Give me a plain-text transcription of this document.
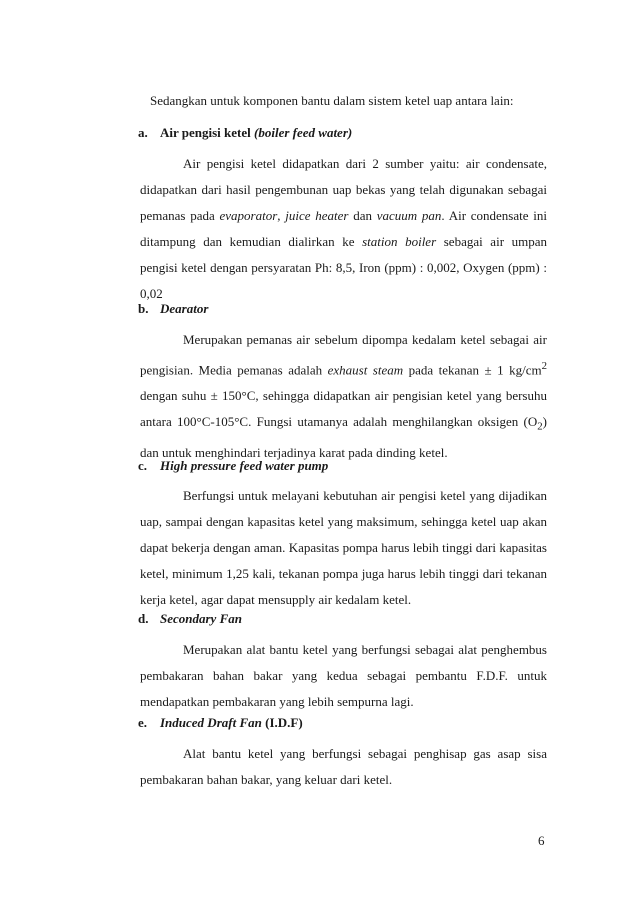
Sedangkan untuk komponen bantu dalam sistem ketel uap antara lain:
a. Air pengisi ketel (boiler feed water)
Air pengisi ketel didapatkan dari 2 sumber yaitu: air condensate, didapatkan dari hasil pengembunan uap bekas yang telah digunakan sebagai pemanas pada evaporator, juice heater dan vacuum pan. Air condensate ini ditampung dan kemudian dialirkan ke station boiler sebagai air umpan pengisi ketel dengan persyaratan Ph: 8,5, Iron (ppm) : 0,002, Oxygen (ppm) : 0,02
b. Dearator
Merupakan pemanas air sebelum dipompa kedalam ketel sebagai air pengisian. Media pemanas adalah exhaust steam pada tekanan ± 1 $kg/cm^2$ dengan suhu ± 150°C, sehingga didapatkan air pengisian ketel yang bersuhu antara 100°C-105°C. Fungsi utamanya adalah menghilangkan oksigen $(O_2)$ dan untuk menghindari terjadinya karat pada dinding ketel.
c. High pressure feed water pump
Berfungsi untuk melayani kebutuhan air pengisi ketel yang dijadikan uap, sampai dengan kapasitas ketel yang maksimum, sehingga ketel uap akan dapat bekerja dengan aman. Kapasitas pompa harus lebih tinggi dari kapasitas ketel, minimum 1,25 kali, tekanan pompa juga harus lebih tinggi dari tekanan kerja ketel, agar dapat mensupply air kedalam ketel.
d. Secondary Fan
Merupakan alat bantu ketel yang berfungsi sebagai alat penghembus pembakaran bahan bakar yang kedua sebagai pembantu F.D.F. untuk mendapatkan pembakaran yang lebih sempurna lagi.
e. Induced Draft Fan (I.D.F)
Alat bantu ketel yang berfungsi sebagai penghisap gas asap sisa pembakaran bahan bakar, yang keluar dari ketel.
6
